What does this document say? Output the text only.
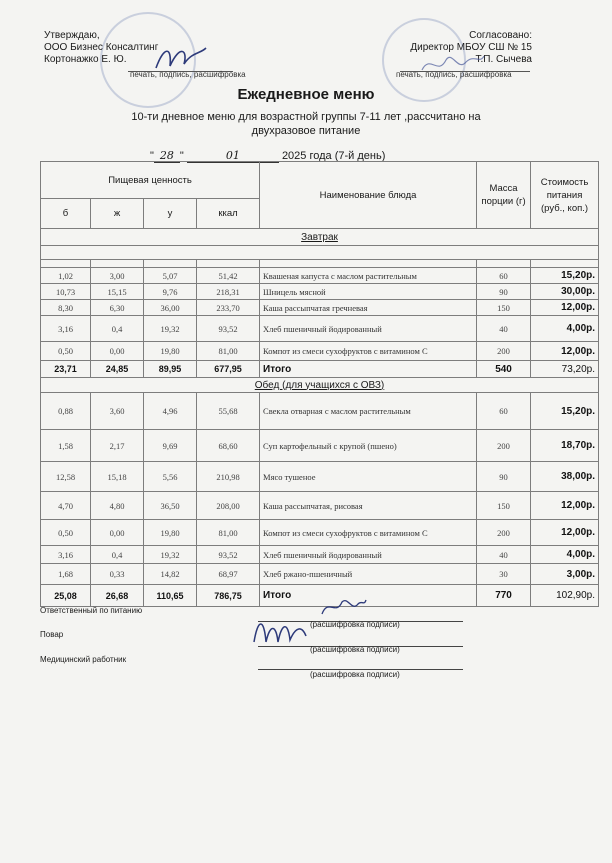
Утверждаю,
ООО Бизнес Консалтинг
Кортонажко Е. Ю.
печать, подпись, расшифровка
Согласовано:
Директор МБОУ СШ № 15
Т.П. Сычева
печать, подпись, расшифровка
Ежедневное меню
10-ти дневное меню для возрастной группы 7-11 лет ,рассчитано на двухразовое питание
" 28 "	01	2025 года (7-й день)
Пищевая ценность				Наименование блюда	Масса порции (г)	Стоимость питания (руб., коп.)
б	ж	у	ккал			
Завтрак						

1,02	3,00	5,07	51,42	Квашеная капуста с маслом растительным	60	15,20р.
10,73	15,15	9,76	218,31	Шницель мясной	90	30,00р.
8,30	6,30	36,00	233,70	Каша рассыпчатая гречневая	150	12,00р.
3,16	0,4	19,32	93,52	Хлеб пшеничный йодированный	40	4,00р.
0,50	0,00	19,80	81,00	Компот из смеси сухофруктов с витамином С	200	12,00р.
23,71	24,85	89,95	677,95	Итого	540	73,20р.
Обед (для учащихся с ОВЗ)						
0,88	3,60	4,96	55,68	Свекла отварная с маслом растительным	60	15,20р.
1,58	2,17	9,69	68,60	Суп картофельный с крупой (пшено)	200	18,70р.
12,58	15,18	5,56	210,98	Мясо тушеное	90	38,00р.
4,70	4,80	36,50	208,00	Каша рассыпчатая, рисовая	150	12,00р.
0,50	0,00	19,80	81,00	Компот из смеси сухофруктов с витамином С	200	12,00р.
3,16	0,4	19,32	93,52	Хлеб пшеничный йодированный	40	4,00р.
1,68	0,33	14,82	68,97	Хлеб ржано-пшеничный	30	3,00р.
25,08	26,68	110,65	786,75	Итого	770	102,90р.
Ответственный по питанию
(расшифровка подписи)
Повар
(расшифровка подписи)
Медицинский работник
(расшифровка подписи)
